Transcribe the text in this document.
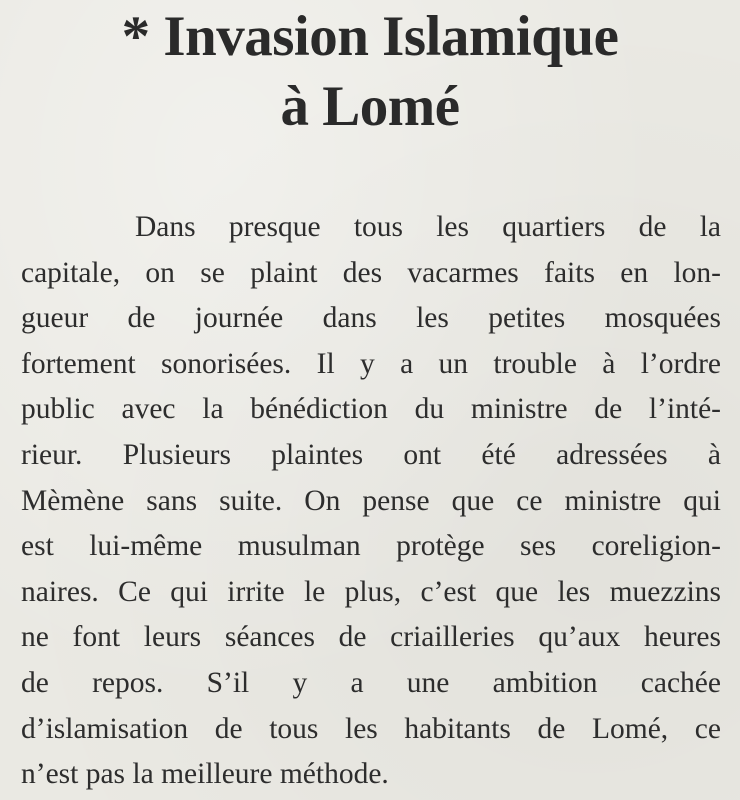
* Invasion Islamique
à Lomé
Dans presque tous les quartiers de la
capitale, on se plaint des vacarmes faits en lon-
gueur de journée dans les petites mosquées
fortement sonorisées. Il y a un trouble à l’ordre
public avec la bénédiction du ministre de l’inté-
rieur. Plusieurs plaintes ont été adressées à
Mèmène sans suite. On pense que ce ministre qui
est lui-même musulman protège ses coreligion-
naires. Ce qui irrite le plus, c’est que les muezzins
ne font leurs séances de criailleries qu’aux heures
de repos. S’il y a une ambition cachée
d’islamisation de tous les habitants de Lomé, ce
n’est pas la meilleure méthode.
